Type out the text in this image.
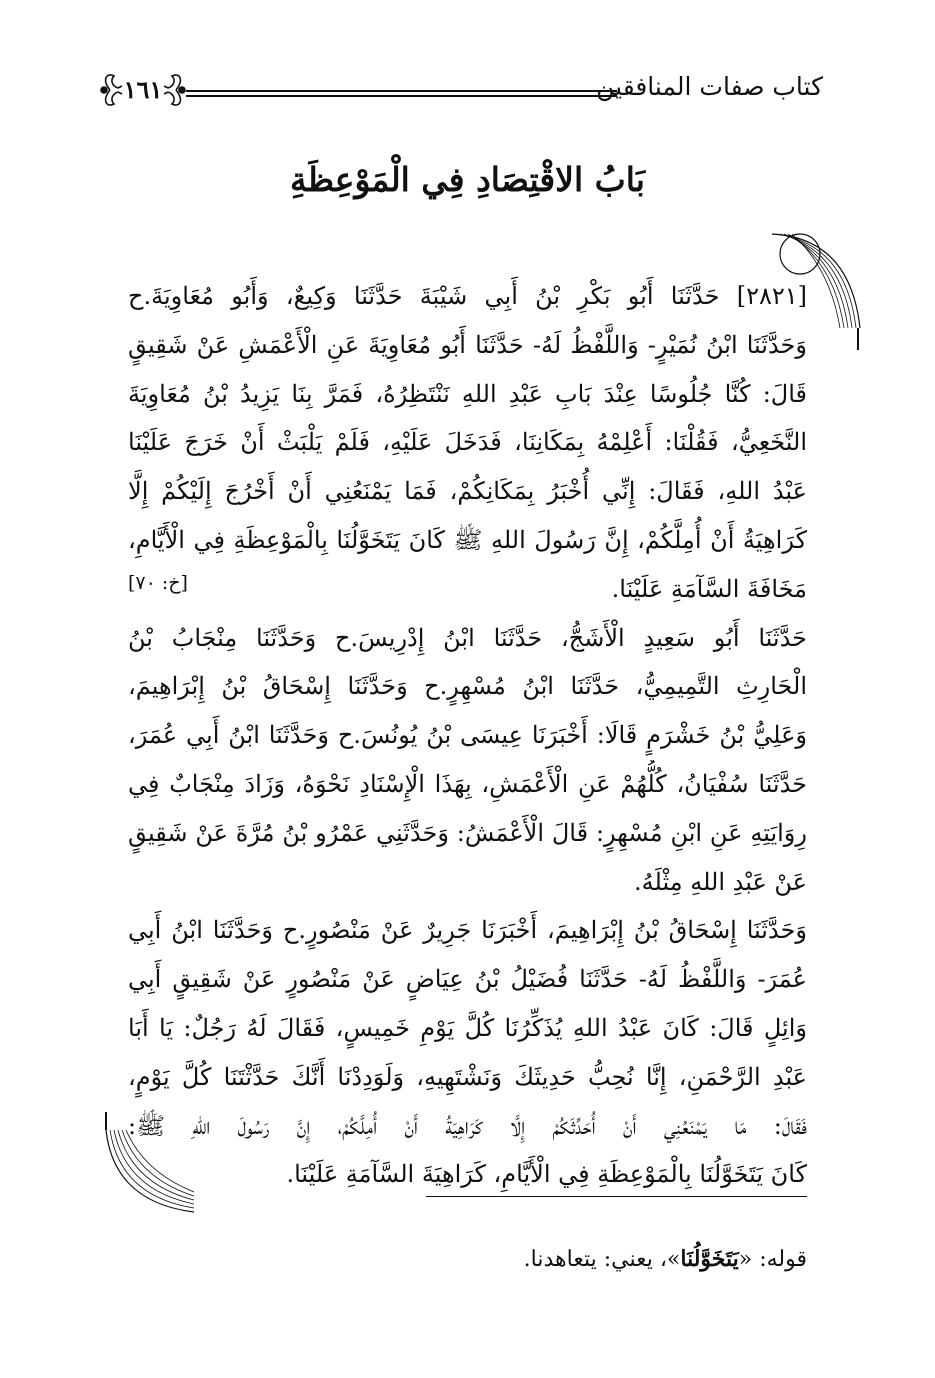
كتاب صفات المنافقين
١٦١
بَابُ الاقْتِصَادِ فِي الْمَوْعِظَةِ
[٢٨٢١] حَدَّثَنَا أَبُو بَكْرِ بْنُ أَبِي شَيْبَةَ حَدَّثَنَا وَكِيعٌ، وَأَبُو مُعَاوِيَةَ.ح
وَحَدَّثَنَا ابْنُ نُمَيْرٍ- وَاللَّفْظُ لَهُ- حَدَّثَنَا أَبُو مُعَاوِيَةَ عَنِ الْأَعْمَشِ عَنْ شَقِيقٍ
قَالَ: كُنَّا جُلُوسًا عِنْدَ بَابِ عَبْدِ اللهِ نَنْتَظِرُهُ، فَمَرَّ بِنَا يَزِيدُ بْنُ مُعَاوِيَةَ
النَّخَعِيُّ، فَقُلْنَا: أَعْلِمْهُ بِمَكَانِنَا، فَدَخَلَ عَلَيْهِ، فَلَمْ يَلْبَثْ أَنْ خَرَجَ عَلَيْنَا
عَبْدُ اللهِ، فَقَالَ: إِنِّي أُخْبَرُ بِمَكَانِكُمْ، فَمَا يَمْنَعُنِي أَنْ أَخْرُجَ إِلَيْكُمْ إِلَّا
كَرَاهِيَةُ أَنْ أُمِلَّكُمْ، إِنَّ رَسُولَ اللهِ ﷺ كَانَ يَتَخَوَّلُنَا بِالْمَوْعِظَةِ فِي الْأَيَّامِ،
مَخَافَةَ السَّآمَةِ عَلَيْنَا.
[خ: ٧٠]
حَدَّثَنَا أَبُو سَعِيدٍ الْأَشَجُّ، حَدَّثَنَا ابْنُ إِدْرِيسَ.ح وَحَدَّثَنَا مِنْجَابُ بْنُ
الْحَارِثِ التَّمِيمِيُّ، حَدَّثَنَا ابْنُ مُسْهِرٍ.ح وَحَدَّثَنَا إِسْحَاقُ بْنُ إِبْرَاهِيمَ،
وَعَلِيُّ بْنُ خَشْرَمٍ قَالَا: أَخْبَرَنَا عِيسَى بْنُ يُونُسَ.ح وَحَدَّثَنَا ابْنُ أَبِي عُمَرَ،
حَدَّثَنَا سُفْيَانُ، كُلُّهُمْ عَنِ الْأَعْمَشِ، بِهَذَا الْإِسْنَادِ نَحْوَهُ، وَزَادَ مِنْجَابٌ فِي
رِوَايَتِهِ عَنِ ابْنِ مُسْهِرٍ: قَالَ الْأَعْمَشُ: وَحَدَّثَنِي عَمْرُو بْنُ مُرَّةَ عَنْ شَقِيقٍ
عَنْ عَبْدِ اللهِ مِثْلَهُ.
وَحَدَّثَنَا إِسْحَاقُ بْنُ إِبْرَاهِيمَ، أَخْبَرَنَا جَرِيرٌ عَنْ مَنْصُورٍ.ح وَحَدَّثَنَا ابْنُ أَبِي
عُمَرَ- وَاللَّفْظُ لَهُ- حَدَّثَنَا فُضَيْلُ بْنُ عِيَاضٍ عَنْ مَنْصُورٍ عَنْ شَقِيقٍ أَبِي
وَائِلٍ قَالَ: كَانَ عَبْدُ اللهِ يُذَكِّرُنَا كُلَّ يَوْمِ خَمِيسٍ، فَقَالَ لَهُ رَجُلٌ: يَا أَبَا
عَبْدِ الرَّحْمَنِ، إِنَّا نُحِبُّ حَدِيثَكَ وَنَشْتَهِيهِ، وَلَوَدِدْنَا أَنَّكَ حَدَّثْتَنَا كُلَّ يَوْمٍ،
فَقَالَ: مَا يَمْنَعُنِي أَنْ أُحَدِّثَكُمْ إِلَّا كَرَاهِيَةُ أَنْ أُمِلَّكُمْ، إِنَّ رَسُولَ اللهِ ﷺ:
كَانَ يَتَخَوَّلُنَا بِالْمَوْعِظَةِ فِي الْأَيَّامِ، كَرَاهِيَةَ السَّآمَةِ عَلَيْنَا.
قوله: «يَتَخَوَّلُنَا»، يعني: يتعاهدنا.
